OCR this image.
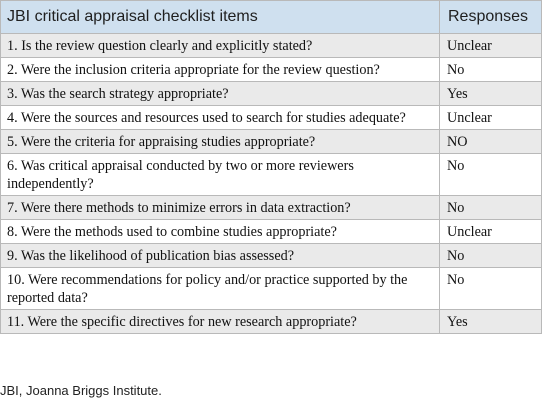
JBI critical appraisal checklist items	Responses
1. Is the review question clearly and explicitly stated?	Unclear
2. Were the inclusion criteria appropriate for the review question?	No
3. Was the search strategy appropriate?	Yes
4. Were the sources and resources used to search for studies adequate?	Unclear
5. Were the criteria for appraising studies appropriate?	NO
6. Was critical appraisal conducted by two or more reviewers independently?	No
7. Were there methods to minimize errors in data extraction?	No
8. Were the methods used to combine studies appropriate?	Unclear
9. Was the likelihood of publication bias assessed?	No
10. Were recommendations for policy and/or practice supported by the reported data?	No
11. Were the specific directives for new research appropriate?	Yes
JBI, Joanna Briggs Institute.
